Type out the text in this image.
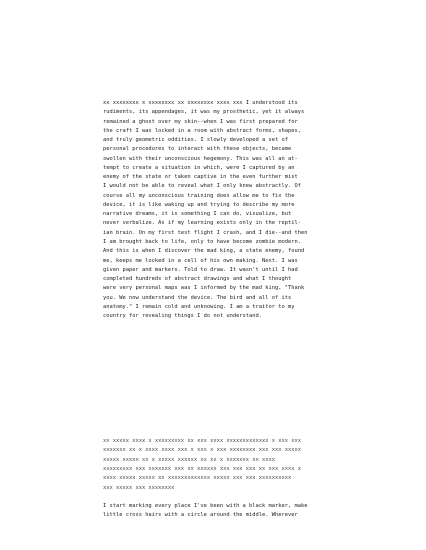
xx xxxxxxxx x xxxxxxxx xx xxxxxxxx xxxx xxx I understood its
rudiments, its appendages, it was my prosthetic, yet it always
remained a ghost over my skin--when I was first prepared for
the craft I was locked in a room with abstract forms, shapes,
and truly geometric oddities. I slowly developed a set of
personal procedures to interact with these objects, became
swollen with their unconscious hegemony. This was all an at-
tempt to create a situation in which, were I captured by an
enemy of the state or taken captive in the even further mist
I would not be able to reveal what I only knew abstractly. Of
course all my unconscious training does allow me to fix the
device, it is like waking up and trying to describe my more
narrative dreams, it is something I can do, visualize, but
never verbalize. As if my learning exists only in the reptil-
ian brain. On my first test flight I crash, and I die--and then
I am brought back to life, only to have become zombie modern.
And this is when I discover the mad king, a state enemy, found
me, keeps me locked in a cell of his own making. Next. I was
given paper and markers. Told to draw. It wasn't until I had
completed hundreds of abstract drawings and what I thought
were very personal maps was I informed by the mad king, "Thank
you. We now understand the device. The bird and all of its
anatomy." I remain cold and unknowing. I am a traitor to my
country for revealing things I do not understand.
xx xxxxx xxxx x xxxxxxxxx xx xxx xxxx xxxxxxxxxxxxx x xxx xxx
xxxxxxx xx x xxxx xxxx xxx x xxx x xxx xxxxxxxx xxx xxx xxxxx
xxxxx xxxxx xx x xxxxx xxxxxx xx xx x xxxxxxx xx xxxx
xxxxxxxxx xxx xxxxxxx xxx xx xxxxxx xxx xxx xxx xx xxx xxxx x
xxxx xxxxx xxxxx xx xxxxxxxxxxxxx xxxxx xxx xxx xxxxxxxxxx
xxx xxxxx xxx xxxxxxxx
I start marking every place I've been with a black marker, make
little cross hairs with a circle around the middle. Wherever
